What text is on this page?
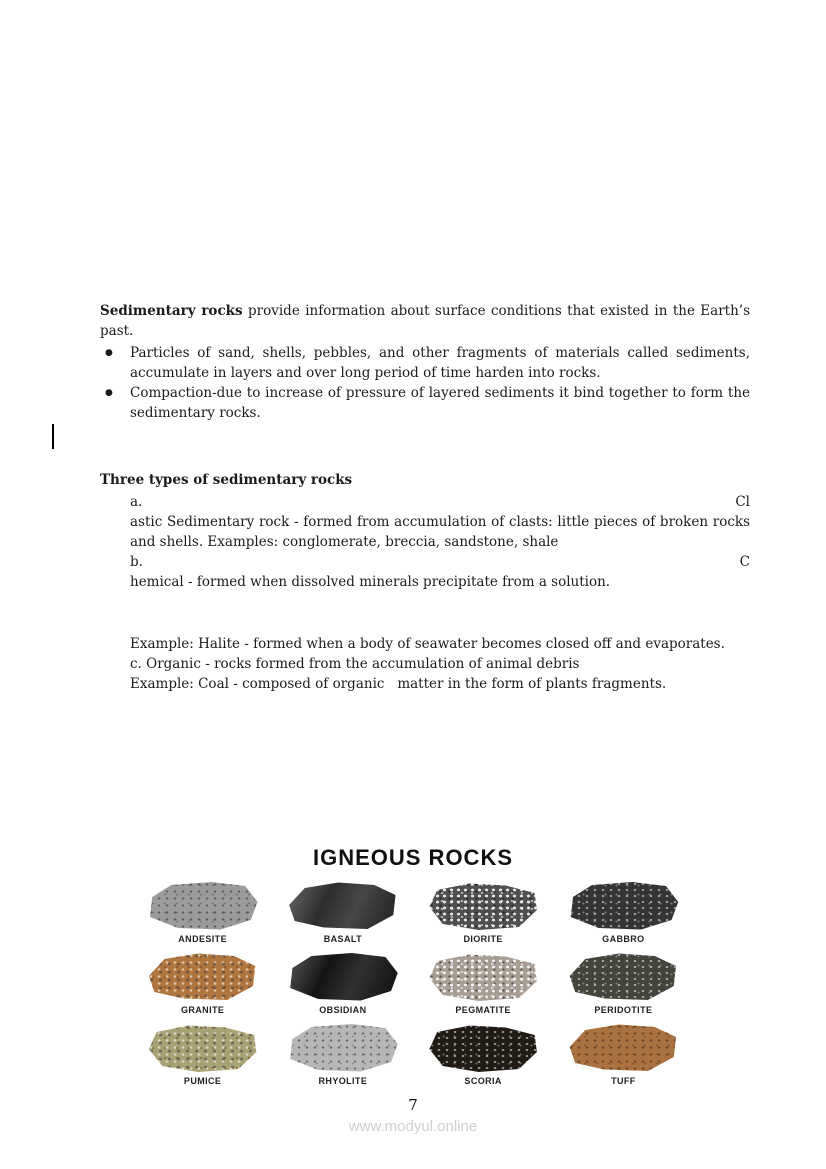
Sedimentary rocks provide information about surface conditions that existed in the Earth’s past.

●	Particles of sand, shells, pebbles, and other fragments of materials called sediments, accumulate in layers and over long period of time harden into rocks.
●	Compaction-due to increase of pressure of layered sediments it bind together to form the sedimentary rocks.
Three types of sedimentary rocks
a.	Cl

astic Sedimentary rock - formed from accumulation of clasts: little pieces of broken rocks and shells. Examples: conglomerate, breccia, sandstone, shale

b.	C

hemical - formed when dissolved minerals precipitate from a solution.

Example: Halite - formed when a body of seawater becomes closed off and evaporates.

c. Organic - rocks formed from the accumulation of animal debris

Example: Coal - composed of organic   matter in the form of plants fragments.

IGNEOUS ROCKS
ANDESITE	BASALT	DIORITE	GABBRO
GRANITE	OBSIDIAN	PEGMATITE	PERIDOTITE
PUMICE	RHYOLITE	SCORIA	TUFF
7
www.modyul.online
